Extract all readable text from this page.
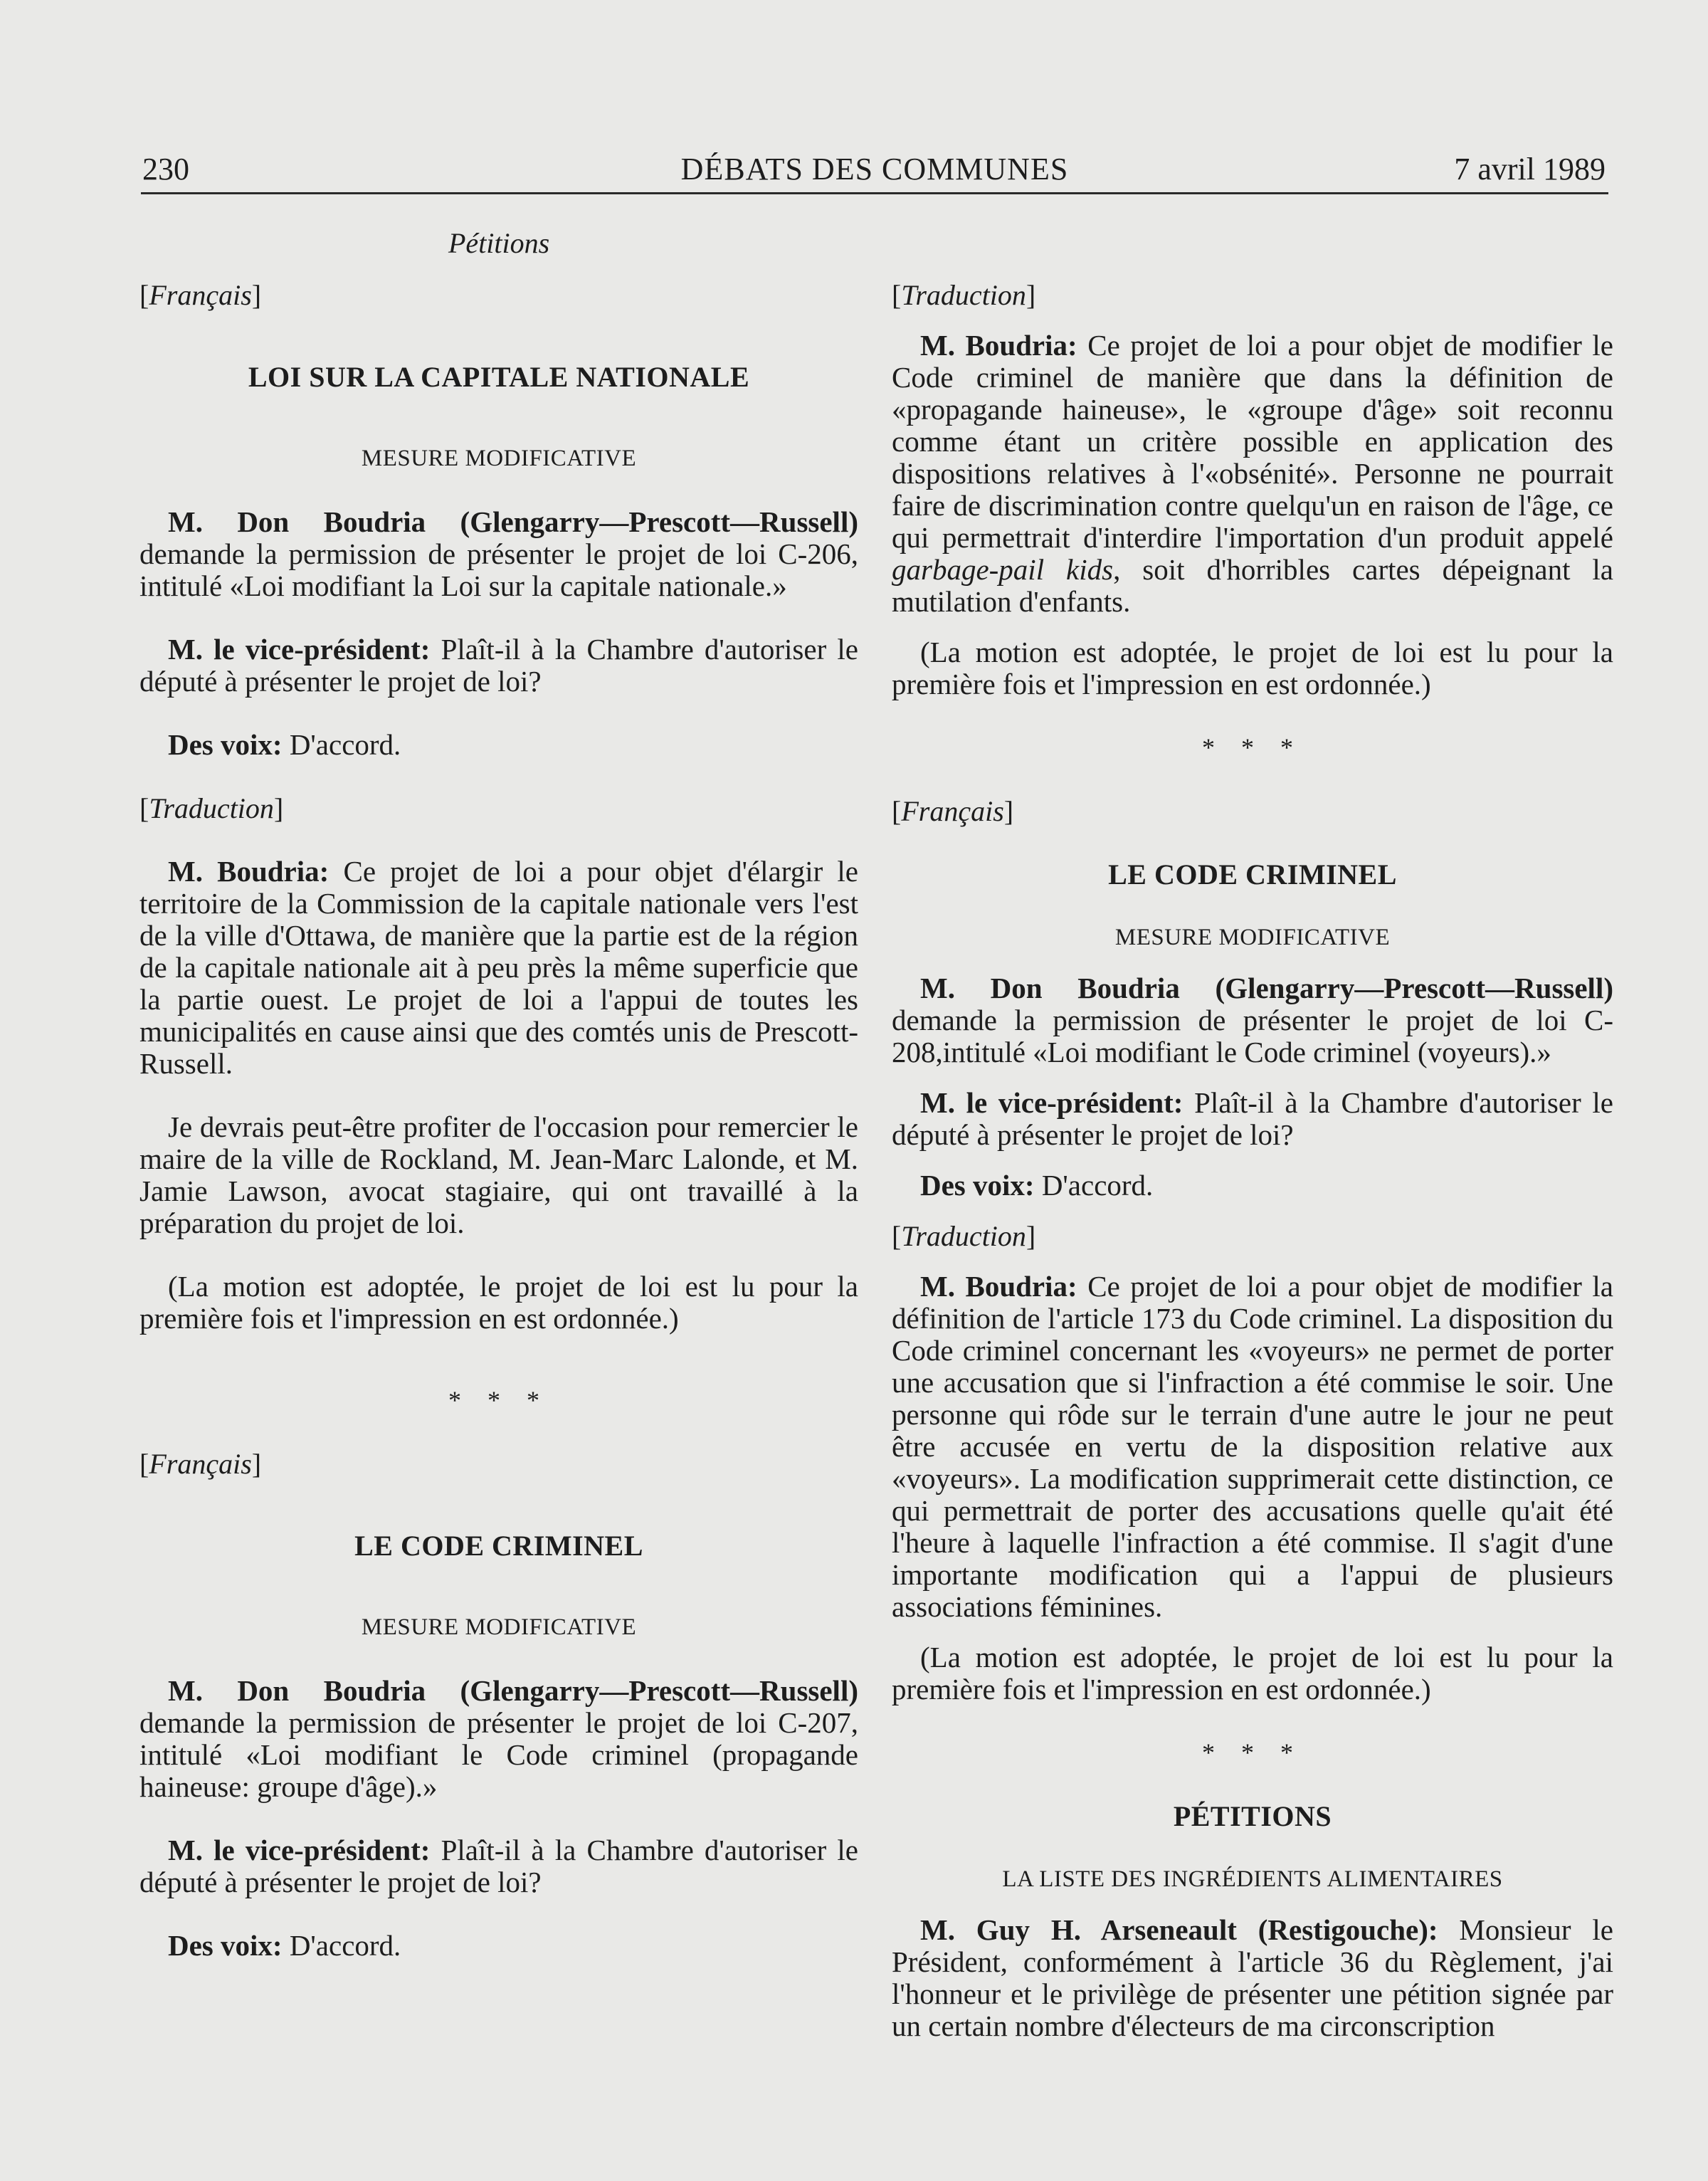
230	DÉBATS DES COMMUNES	7 avril 1989
Pétitions

[Français]

LOI SUR LA CAPITALE NATIONALE

MESURE MODIFICATIVE

M. Don Boudria (Glengarry—Prescott—Russell) demande la permission de présenter le projet de loi C-206, intitulé «Loi modifiant la Loi sur la capitale nationale.»

M. le vice-président: Plaît-il à la Chambre d'autoriser le député à présenter le projet de loi?

Des voix: D'accord.

[Traduction]

M. Boudria: Ce projet de loi a pour objet d'élargir le territoire de la Commission de la capitale nationale vers l'est de la ville d'Ottawa, de manière que la partie est de la région de la capitale nationale ait à peu près la même superficie que la partie ouest. Le projet de loi a l'appui de toutes les municipalités en cause ainsi que des comtés unis de Prescott-Russell.

Je devrais peut-être profiter de l'occasion pour remercier le maire de la ville de Rockland, M. Jean-Marc Lalonde, et M. Jamie Lawson, avocat stagiaire, qui ont travaillé à la préparation du projet de loi.

(La motion est adoptée, le projet de loi est lu pour la première fois et l'impression en est ordonnée.)

* * *

[Français]

LE CODE CRIMINEL

MESURE MODIFICATIVE

M. Don Boudria (Glengarry—Prescott—Russell) demande la permission de présenter le projet de loi C-207, intitulé «Loi modifiant le Code criminel (propagande haineuse: groupe d'âge).»

M. le vice-président: Plaît-il à la Chambre d'autoriser le député à présenter le projet de loi?

Des voix: D'accord.

[Traduction]

M. Boudria: Ce projet de loi a pour objet de modifier le Code criminel de manière que dans la définition de «propagande haineuse», le «groupe d'âge» soit reconnu comme étant un critère possible en application des dispositions relatives à l'«obsénité». Personne ne pourrait faire de discrimination contre quelqu'un en raison de l'âge, ce qui permettrait d'interdire l'importation d'un produit appelé garbage-pail kids, soit d'horribles cartes dépeignant la mutilation d'enfants.

(La motion est adoptée, le projet de loi est lu pour la première fois et l'impression en est ordonnée.)

* * *

[Français]

LE CODE CRIMINEL

MESURE MODIFICATIVE

M. Don Boudria (Glengarry—Prescott—Russell) demande la permission de présenter le projet de loi C-208,intitulé «Loi modifiant le Code criminel (voyeurs).»

M. le vice-président: Plaît-il à la Chambre d'autoriser le député à présenter le projet de loi?

Des voix: D'accord.

[Traduction]

M. Boudria: Ce projet de loi a pour objet de modifier la définition de l'article 173 du Code criminel. La disposition du Code criminel concernant les «voyeurs» ne permet de porter une accusation que si l'infraction a été commise le soir. Une personne qui rôde sur le terrain d'une autre le jour ne peut être accusée en vertu de la disposition relative aux «voyeurs». La modification supprimerait cette distinction, ce qui permettrait de porter des accusations quelle qu'ait été l'heure à laquelle l'infraction a été commise. Il s'agit d'une importante modification qui a l'appui de plusieurs associations féminines.

(La motion est adoptée, le projet de loi est lu pour la première fois et l'impression en est ordonnée.)

* * *

PÉTITIONS

LA LISTE DES INGRÉDIENTS ALIMENTAIRES

M. Guy H. Arseneault (Restigouche): Monsieur le Président, conformément à l'article 36 du Règlement, j'ai l'honneur et le privilège de présenter une pétition signée par un certain nombre d'électeurs de ma circonscription
